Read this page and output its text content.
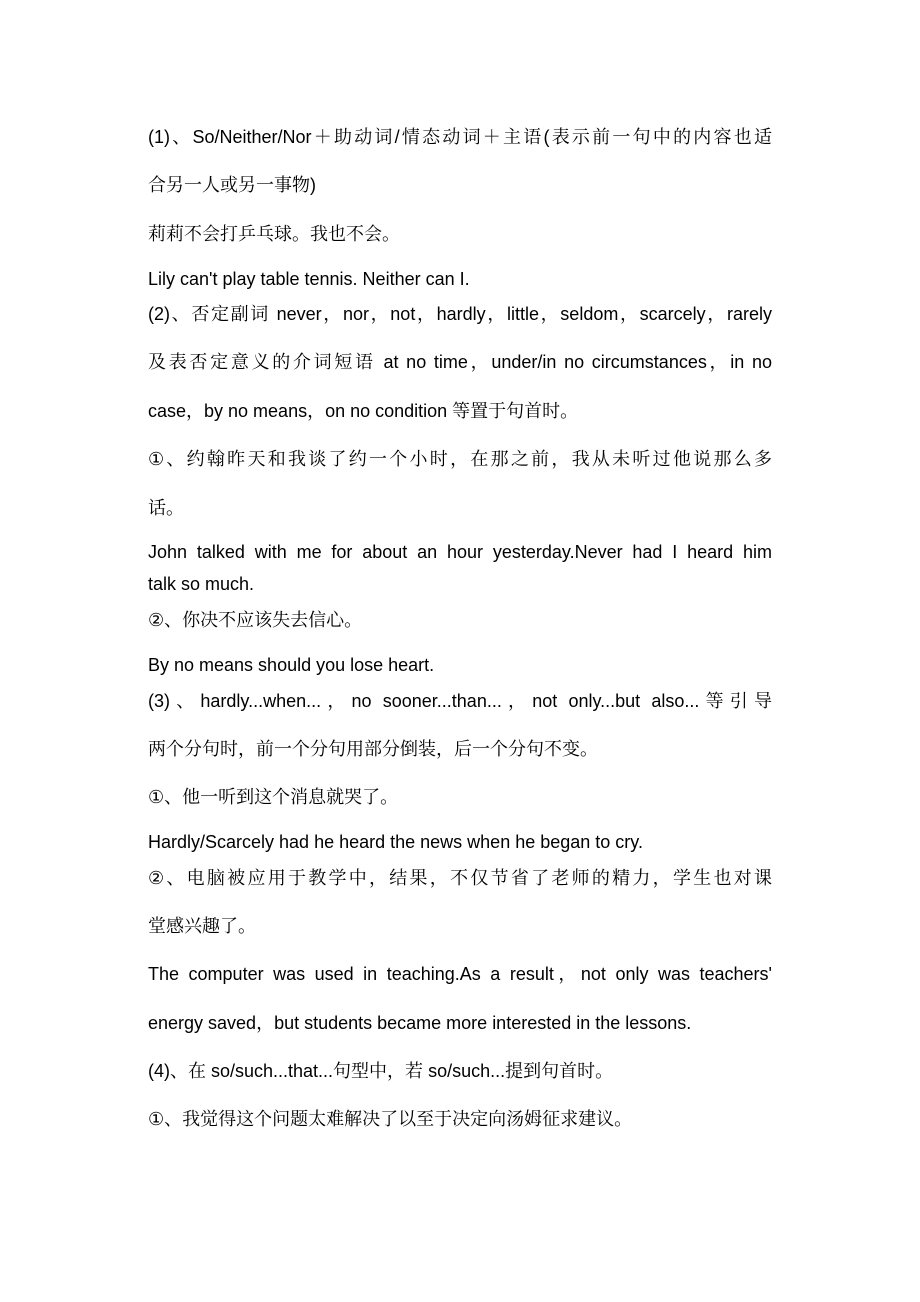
(1)、So/Neither/Nor＋助动词/情态动词＋主语(表示前一句中的内容也适
合另一人或另一事物)
莉莉不会打乒乓球。我也不会。
Lily can't play table tennis. Neither can I.
(2)、否定副词 never，nor，not，hardly，little，seldom，scarcely，rarely
及表否定意义的介词短语 at no time，under/in no circumstances，in no
case，by no means，on no condition 等置于句首时。
①、约翰昨天和我谈了约一个小时，在那之前，我从未听过他说那么多
话。
John talked with me for about an hour yesterday.Never had I heard him
talk so much.
②、你决不应该失去信心。
By no means should you lose heart.
(3)、hardly...when...，no sooner...than...，not only...but also...等引导
两个分句时，前一个分句用部分倒装，后一个分句不变。
①、他一听到这个消息就哭了。
Hardly/Scarcely had he heard the news when he began to cry.
②、电脑被应用于教学中，结果，不仅节省了老师的精力，学生也对课
堂感兴趣了。
The computer was used in teaching.As a result，not only was teachers'
energy saved，but students became more interested in the lessons.
(4)、在 so/such...that...句型中，若 so/such...提到句首时。
①、我觉得这个问题太难解决了以至于决定向汤姆征求建议。
